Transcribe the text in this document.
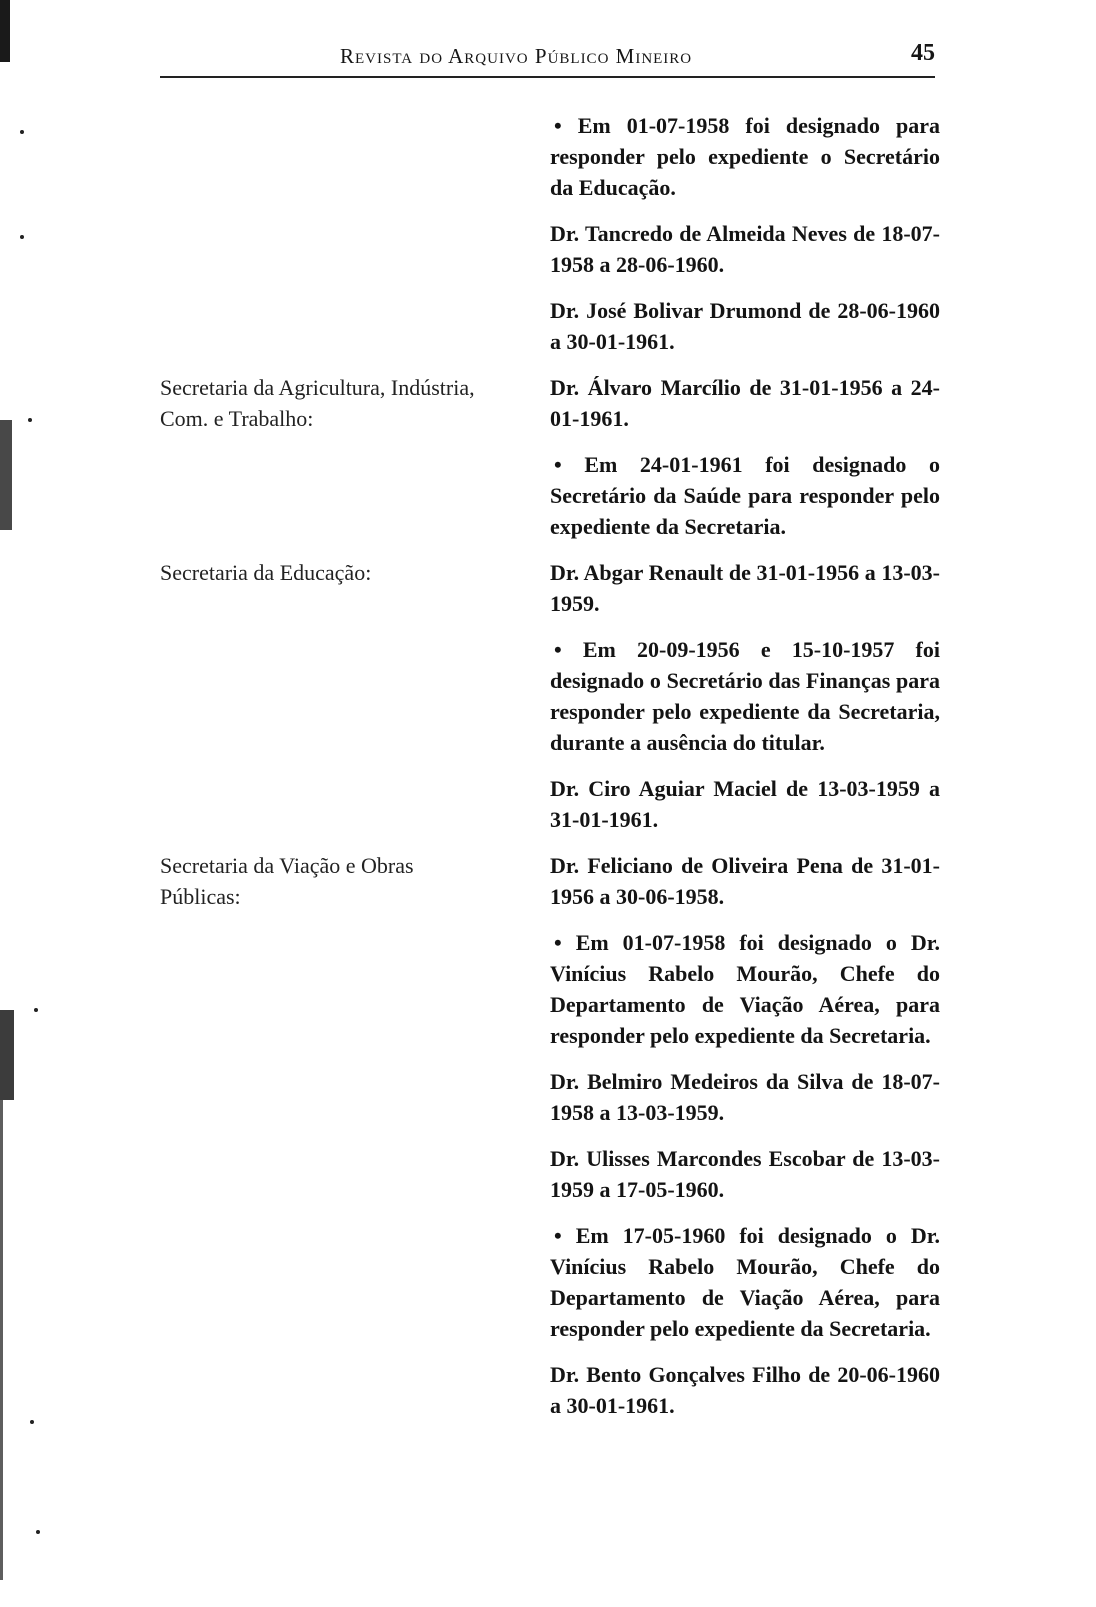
Revista do Arquivo Público Mineiro	45
• Em 01-07-1958 foi designado para responder pelo expediente o Secretário da Educação.
Dr. Tancredo de Almeida Neves de 18-07-1958 a 28-06-1960.
Dr. José Bolivar Drumond de 28-06-1960 a 30-01-1961.
Secretaria da Agricultura, Indústria, Com. e Trabalho:
Dr. Álvaro Marcílio de 31-01-1956 a 24-01-1961.
• Em 24-01-1961 foi designado o Secretário da Saúde para responder pelo expediente da Secretaria.
Secretaria da Educação:	Dr. Abgar Renault de 31-01-1956 a 13-03-1959.
• Em 20-09-1956 e 15-10-1957 foi designado o Secretário das Finanças para responder pelo expediente da Secretaria, durante a ausência do titular.
Dr. Ciro Aguiar Maciel de 13-03-1959 a 31-01-1961.
Secretaria da Viação e Obras Públicas:
Dr. Feliciano de Oliveira Pena de 31-01-1956 a 30-06-1958.
• Em 01-07-1958 foi designado o Dr. Vinícius Rabelo Mourão, Chefe do Departamento de Viação Aérea, para responder pelo expediente da Secretaria.
Dr. Belmiro Medeiros da Silva de 18-07-1958 a 13-03-1959.
Dr. Ulisses Marcondes Escobar de 13-03-1959 a 17-05-1960.
• Em 17-05-1960 foi designado o Dr. Vinícius Rabelo Mourão, Chefe do Departamento de Viação Aérea, para responder pelo expediente da Secretaria.
Dr. Bento Gonçalves Filho de 20-06-1960 a 30-01-1961.
